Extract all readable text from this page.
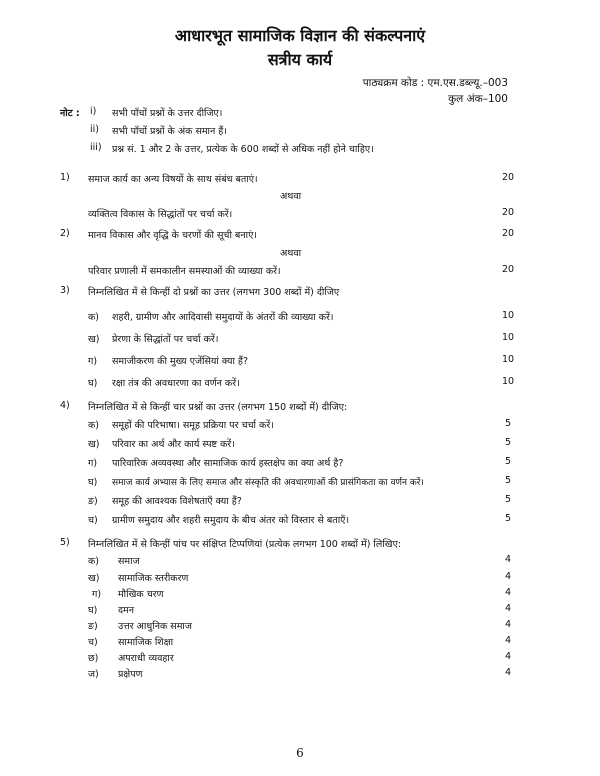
आधारभूत सामाजिक विज्ञान की संकल्पनाएं
सत्रीय कार्य
पाठ्यक्रम कोड : एम.एस.डब्ल्यू.–003
कुल अंक–100
नोट : i) सभी पाँचों प्रश्नों के उत्तर दीजिए।
ii) सभी पाँचों प्रश्नों के अंक समान हैं।
iii) प्रश्न सं. 1 और 2 के उत्तर, प्रत्येक के 600 शब्दों से अधिक नहीं होने चाहिए।
1) समाज कार्य का अन्य विषयों के साथ संबंध बताएं।	20
अथवा
व्यक्तित्व विकास के सिद्धांतों पर चर्चा करें।	20
2) मानव विकास और वृद्धि के चरणों की सूची बनाएं।	20
अथवा
परिवार प्रणाली में समकालीन समस्याओं की व्याख्या करें।	20
3) निम्नलिखित में से किन्हीं दो प्रश्नों का उत्तर (लगभग 300 शब्दों में) दीजिए
क) शहरी, ग्रामीण और आदिवासी समुदायों के अंतरों की व्याख्या करें।	10
ख) प्रेरणा के सिद्धांतों पर चर्चा करें।	10
ग) समाजीकरण की मुख्य एजेंसियां क्या हैं?	10
घ) रक्षा तंत्र की अवधारणा का वर्णन करें।	10
4) निम्नलिखित में से किन्हीं चार प्रश्नों का उत्तर (लगभग 150 शब्दों में) दीजिए:
क) समूहों की परिभाषा। समूह प्रक्रिया पर चर्चा करें।	5
ख) परिवार का अर्थ और कार्य स्पष्ट करें।	5
ग) पारिवारिक अव्यवस्था और सामाजिक कार्य हस्तक्षेप का क्या अर्थ है?	5
घ) समाज कार्य अभ्यास के लिए समाज और संस्कृति की अवधारणाओं की प्रासंगिकता का वर्णन करें।	5
ङ) समूह की आवश्यक विशेषताएँ क्या हैं?	5
च) ग्रामीण समुदाय और शहरी समुदाय के बीच अंतर को विस्तार से बताएँ।	5
5) निम्नलिखित में से किन्हीं पांच पर संक्षिप्त टिप्पणियां (प्रत्येक लगभग 100 शब्दों में) लिखिए:
क) समाज	4
ख) सामाजिक स्तरीकरण	4
ग) मौखिक चरण	4
घ) दमन	4
ङ) उत्तर आधुनिक समाज	4
च) सामाजिक शिक्षा	4
छ) अपराधी व्यवहार	4
ज) प्रक्षेपण	4
6
